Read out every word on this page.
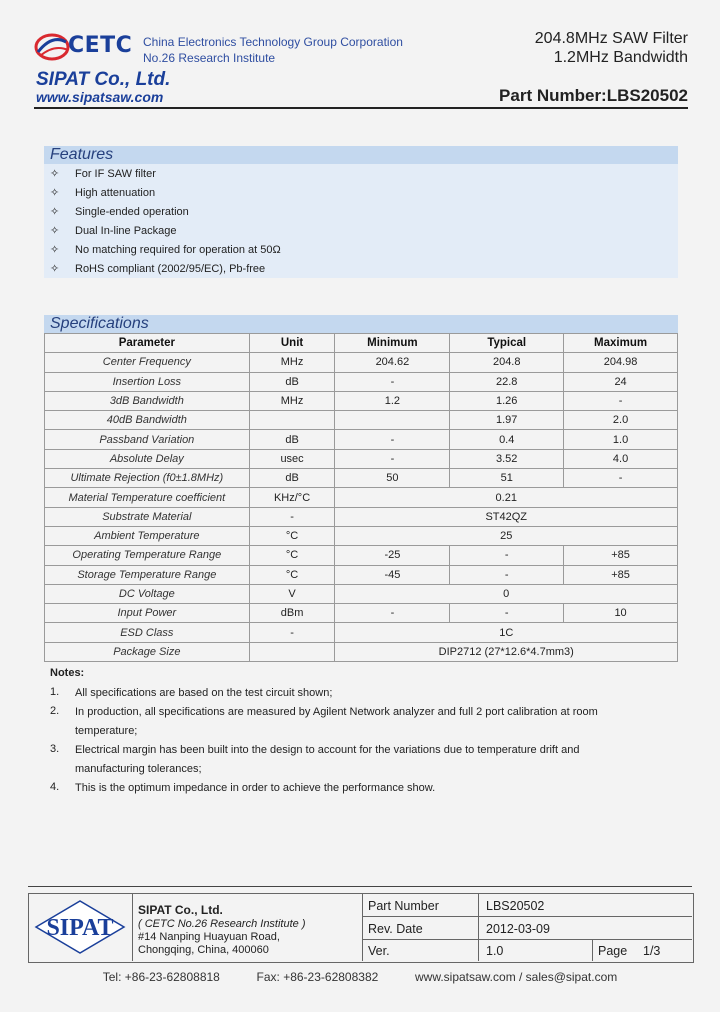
CETC China Electronics Technology Group Corporation
No.26 Research Institute
SIPAT Co., Ltd.
www.sipatsaw.com
204.8MHz SAW Filter
1.2MHz Bandwidth
Part Number:LBS20502
Features
✧ For IF SAW filter
✧ High attenuation
✧ Single-ended operation
✧ Dual In-line Package
✧ No matching required for operation at 50Ω
✧ RoHS compliant (2002/95/EC), Pb-free
Specifications
Parameter	Unit	Minimum	Typical	Maximum
Center Frequency	MHz	204.62	204.8	204.98
Insertion Loss	dB	-	22.8	24
3dB Bandwidth	MHz	1.2	1.26	-
40dB Bandwidth			1.97	2.0
Passband Variation	dB	-	0.4	1.0
Absolute Delay	usec	-	3.52	4.0
Ultimate Rejection (f0±1.8MHz)	dB	50	51	-
Material Temperature coefficient	KHz/°C	0.21		
Substrate Material	-	ST42QZ		
Ambient Temperature	°C	25		
Operating Temperature Range	°C	-25	-	+85
Storage Temperature Range	°C	-45	-	+85
DC Voltage	V	0		
Input Power	dBm	-	-	10
ESD Class	-	1C		
Package Size		DIP2712 (27*12.6*4.7mm3)		
Notes:
1. All specifications are based on the test circuit shown;
2. In production, all specifications are measured by Agilent Network analyzer and full 2 port calibration at room temperature;
3. Electrical margin has been built into the design to account for the variations due to temperature drift and manufacturing tolerances;
4. This is the optimum impedance in order to achieve the performance show.
SIPAT
SIPAT Co., Ltd.
( CETC No.26 Research Institute )
#14 Nanping Huayuan Road,
Chongqing, China, 400060
Part Number	LBS20502
Rev. Date	2012-03-09
Ver.	1.0	Page 1/3
Tel: +86-23-62808818	Fax: +86-23-62808382	www.sipatsaw.com / sales@sipat.com
